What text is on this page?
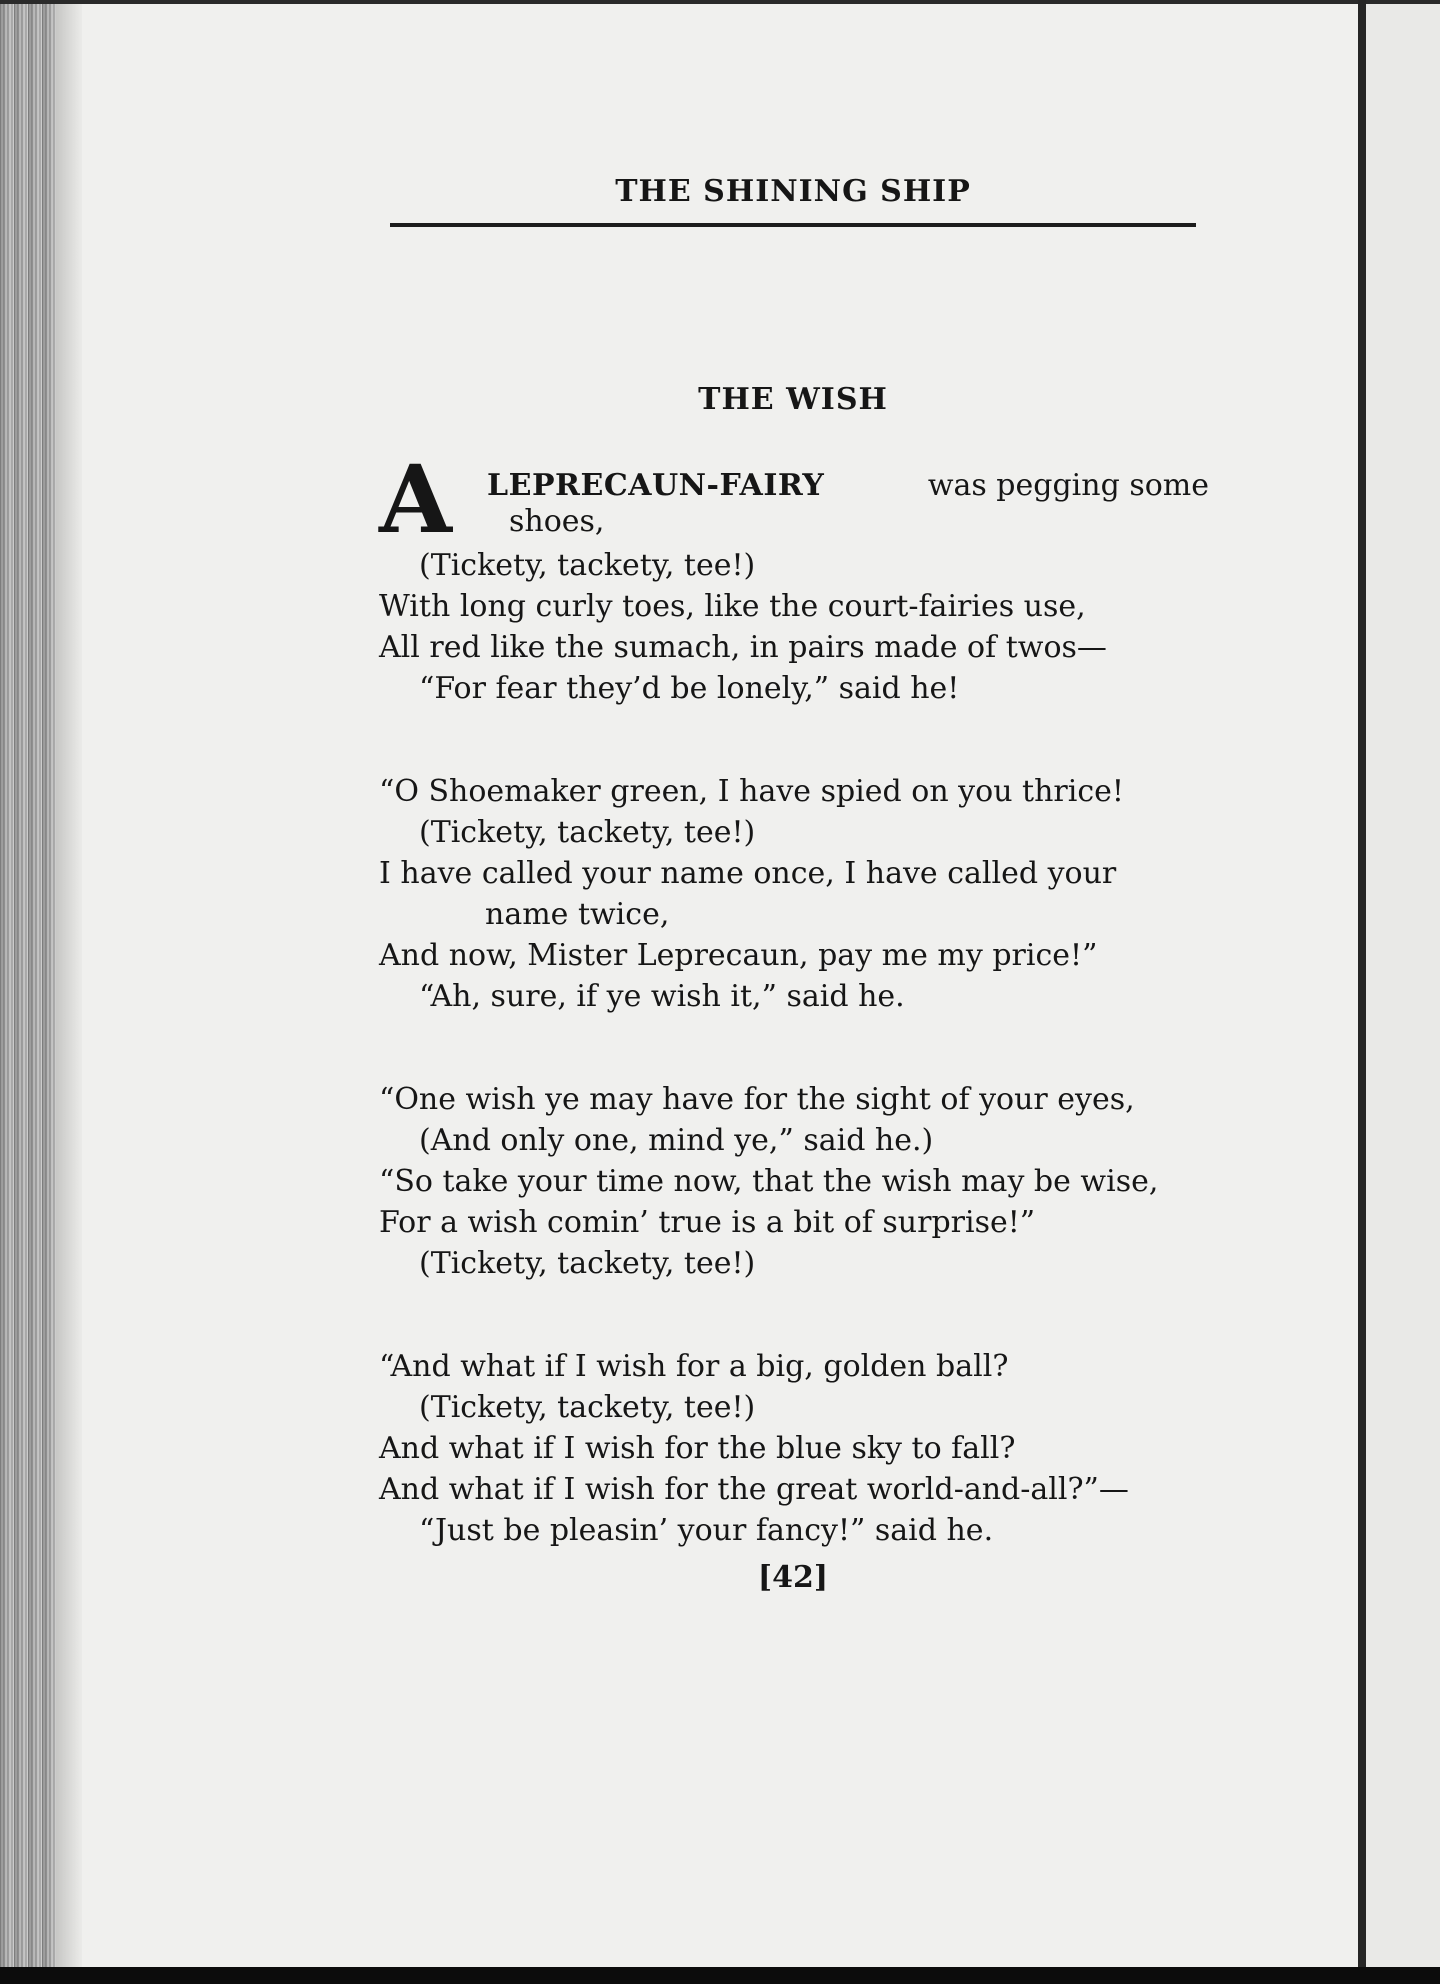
THE SHINING SHIP
THE WISH
A LEPRECAUN-FAIRY	was pegging some
shoes,
(Tickety, tackety, tee!)
With long curly toes, like the court-fairies use,
All red like the sumach, in pairs made of twos—
“For fear they’d be lonely,” said he!
“O Shoemaker green, I have spied on you thrice!
(Tickety, tackety, tee!)
I have called your name once, I have called your
name twice,
And now, Mister Leprecaun, pay me my price!”
“Ah, sure, if ye wish it,” said he.
“One wish ye may have for the sight of your eyes,
(And only one, mind ye,” said he.)
“So take your time now, that the wish may be wise,
For a wish comin’ true is a bit of surprise!”
(Tickety, tackety, tee!)
“And what if I wish for a big, golden ball?
(Tickety, tackety, tee!)
And what if I wish for the blue sky to fall?
And what if I wish for the great world-and-all?”—
“Just be pleasin’ your fancy!” said he.
[42]
